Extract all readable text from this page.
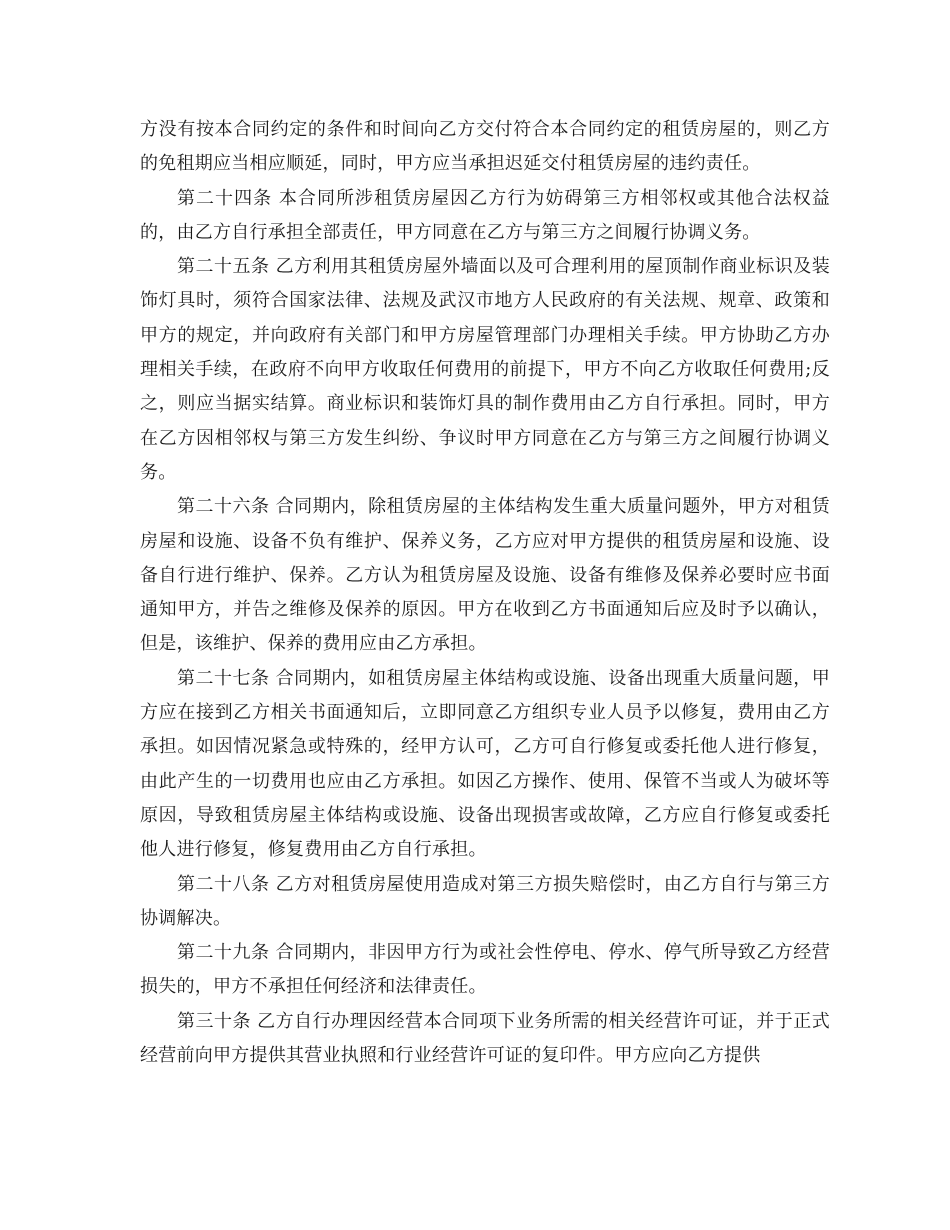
方没有按本合同约定的条件和时间向乙方交付符合本合同约定的租赁房屋的，则乙方的免租期应当相应顺延，同时，甲方应当承担迟延交付租赁房屋的违约责任。

第二十四条 本合同所涉租赁房屋因乙方行为妨碍第三方相邻权或其他合法权益的，由乙方自行承担全部责任，甲方同意在乙方与第三方之间履行协调义务。

第二十五条 乙方利用其租赁房屋外墙面以及可合理利用的屋顶制作商业标识及装饰灯具时，须符合国家法律、法规及武汉市地方人民政府的有关法规、规章、政策和甲方的规定，并向政府有关部门和甲方房屋管理部门办理相关手续。甲方协助乙方办理相关手续，在政府不向甲方收取任何费用的前提下，甲方不向乙方收取任何费用;反之，则应当据实结算。商业标识和装饰灯具的制作费用由乙方自行承担。同时，甲方在乙方因相邻权与第三方发生纠纷、争议时甲方同意在乙方与第三方之间履行协调义务。

第二十六条 合同期内，除租赁房屋的主体结构发生重大质量问题外，甲方对租赁房屋和设施、设备不负有维护、保养义务，乙方应对甲方提供的租赁房屋和设施、设备自行进行维护、保养。乙方认为租赁房屋及设施、设备有维修及保养必要时应书面通知甲方，并告之维修及保养的原因。甲方在收到乙方书面通知后应及时予以确认，但是，该维护、保养的费用应由乙方承担。

第二十七条 合同期内，如租赁房屋主体结构或设施、设备出现重大质量问题，甲方应在接到乙方相关书面通知后，立即同意乙方组织专业人员予以修复，费用由乙方承担。如因情况紧急或特殊的，经甲方认可，乙方可自行修复或委托他人进行修复，由此产生的一切费用也应由乙方承担。如因乙方操作、使用、保管不当或人为破坏等原因，导致租赁房屋主体结构或设施、设备出现损害或故障，乙方应自行修复或委托他人进行修复，修复费用由乙方自行承担。

第二十八条 乙方对租赁房屋使用造成对第三方损失赔偿时，由乙方自行与第三方协调解决。

第二十九条 合同期内，非因甲方行为或社会性停电、停水、停气所导致乙方经营损失的，甲方不承担任何经济和法律责任。

第三十条 乙方自行办理因经营本合同项下业务所需的相关经营许可证，并于正式经营前向甲方提供其营业执照和行业经营许可证的复印件。甲方应向乙方提供
